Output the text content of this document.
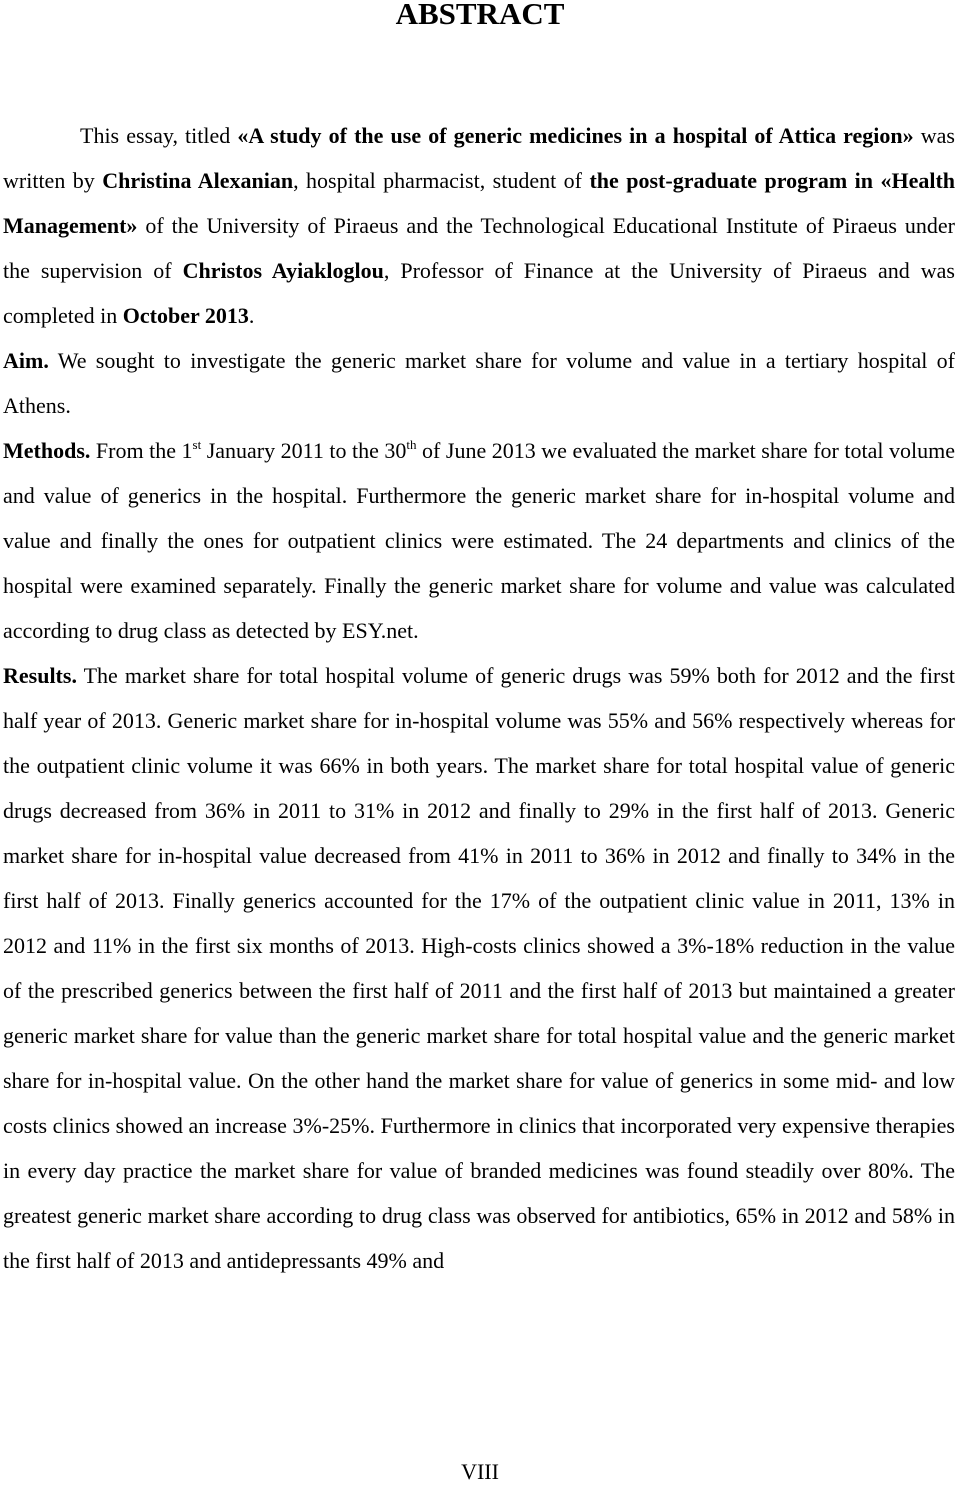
ABSTRACT

This essay, titled «A study of the use of generic medicines in a hospital of Attica region» was written by Christina Alexanian, hospital pharmacist, student of the post-graduate program in «Health Management» of the University of Piraeus and the Technological Educational Institute of Piraeus under the supervision of Christos Ayiakloglou, Professor of Finance at the University of Piraeus and was completed in October 2013.

Aim. We sought to investigate the generic market share for volume and value in a tertiary hospital of Athens.

Methods. From the 1st January 2011 to the 30th of June 2013 we evaluated the market share for total volume and value of generics in the hospital. Furthermore the generic market share for in-hospital volume and value and finally the ones for outpatient clinics were estimated. The 24 departments and clinics of the hospital were examined separately. Finally the generic market share for volume and value was calculated according to drug class as detected by ESY.net.

Results. The market share for total hospital volume of generic drugs was 59% both for 2012 and the first half year of 2013. Generic market share for in-hospital volume was 55% and 56% respectively whereas for the outpatient clinic volume it was 66% in both years. The market share for total hospital value of generic drugs decreased from 36% in 2011 to 31% in 2012 and finally to 29% in the first half of 2013. Generic market share for in-hospital value decreased from 41% in 2011 to 36% in 2012 and finally to 34% in the first half of 2013. Finally generics accounted for the 17% of the outpatient clinic value in 2011, 13% in 2012 and 11% in the first six months of 2013. High-costs clinics showed a 3%-18% reduction in the value of the prescribed generics between the first half of 2011 and the first half of 2013 but maintained a greater generic market share for value than the generic market share for total hospital value and the generic market share for in-hospital value. On the other hand the market share for value of generics in some mid- and low costs clinics showed an increase 3%-25%. Furthermore in clinics that incorporated very expensive therapies in every day practice the market share for value of branded medicines was found steadily over 80%. The greatest generic market share according to drug class was observed for antibiotics, 65% in 2012 and 58% in the first half of 2013 and antidepressants 49% and

VIII
